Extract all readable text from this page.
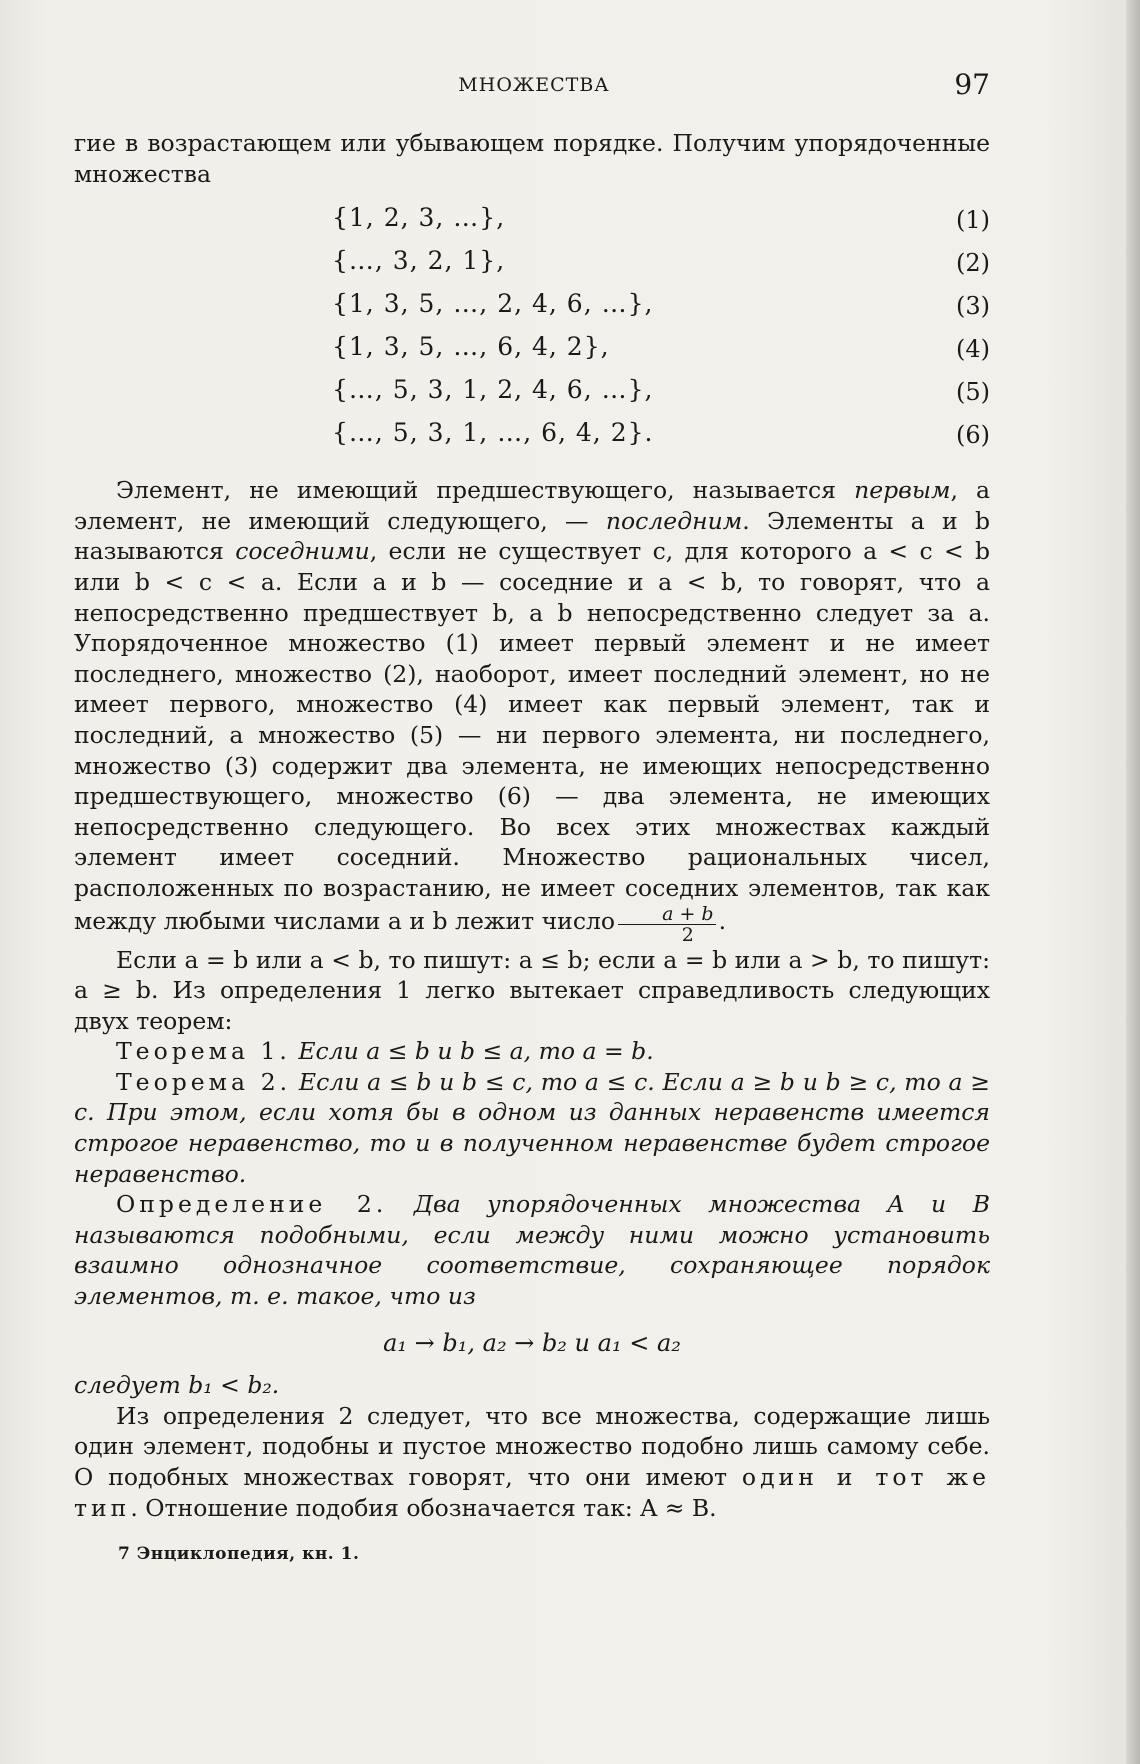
МНОЖЕСТВА	97

гие в возрастающем или убывающем порядке. Получим упорядоченные множества

{1, 2, 3, …},	(1)
{…, 3, 2, 1},	(2)
{1, 3, 5, …, 2, 4, 6, …},	(3)
{1, 3, 5, …, 6, 4, 2},	(4)
{…, 5, 3, 1, 2, 4, 6, …},	(5)
{…, 5, 3, 1, …, 6, 4, 2}.	(6)

Элемент, не имеющий предшествующего, называется первым, а элемент, не имеющий следующего, — последним. Элементы a и b называются соседними, если не существует c, для которого a < c < b или b < c < a. Если a и b — соседние и a < b, то говорят, что a непосредственно предшествует b, а b непосредственно следует за a. Упорядоченное множество (1) имеет первый элемент и не имеет последнего, множество (2), наоборот, имеет последний элемент, но не имеет первого, множество (4) имеет как первый элемент, так и последний, а множество (5) — ни первого элемента, ни последнего, множество (3) содержит два элемента, не имеющих непосредственно предшествующего, множество (6) — два элемента, не имеющих непосредственно следующего. Во всех этих множествах каждый элемент имеет соседний. Множество рациональных чисел, расположенных по возрастанию, не имеет соседних элементов, так как между любыми числами a и b лежит число $\frac{a + b}{2}$ .

Если a = b или a < b, то пишут: a ≤ b; если a = b или a > b, то пишут: a ≥ b. Из определения 1 легко вытекает справедливость следующих двух теорем:

Теорема 1. Если a ≤ b и b ≤ a, то a = b.

Теорема 2. Если a ≤ b и b ≤ c, то a ≤ c. Если a ≥ b и b ≥ c, то a ≥ c. При этом, если хотя бы в одном из данных неравенств имеется строгое неравенство, то и в полученном неравенстве будет строгое неравенство.

Определение 2. Два упорядоченных множества A и B называются подобными, если между ними можно установить взаимно однозначное соответствие, сохраняющее порядок элементов, т. е. такое, что из

a₁ → b₁, a₂ → b₂ и a₁ < a₂

следует b₁ < b₂.

Из определения 2 следует, что все множества, содержащие лишь один элемент, подобны и пустое множество подобно лишь самому себе. О подобных множествах говорят, что они имеют один и тот же тип. Отношение подобия обозначается так: A ≈ B.

7 Энциклопедия, кн. 1.
